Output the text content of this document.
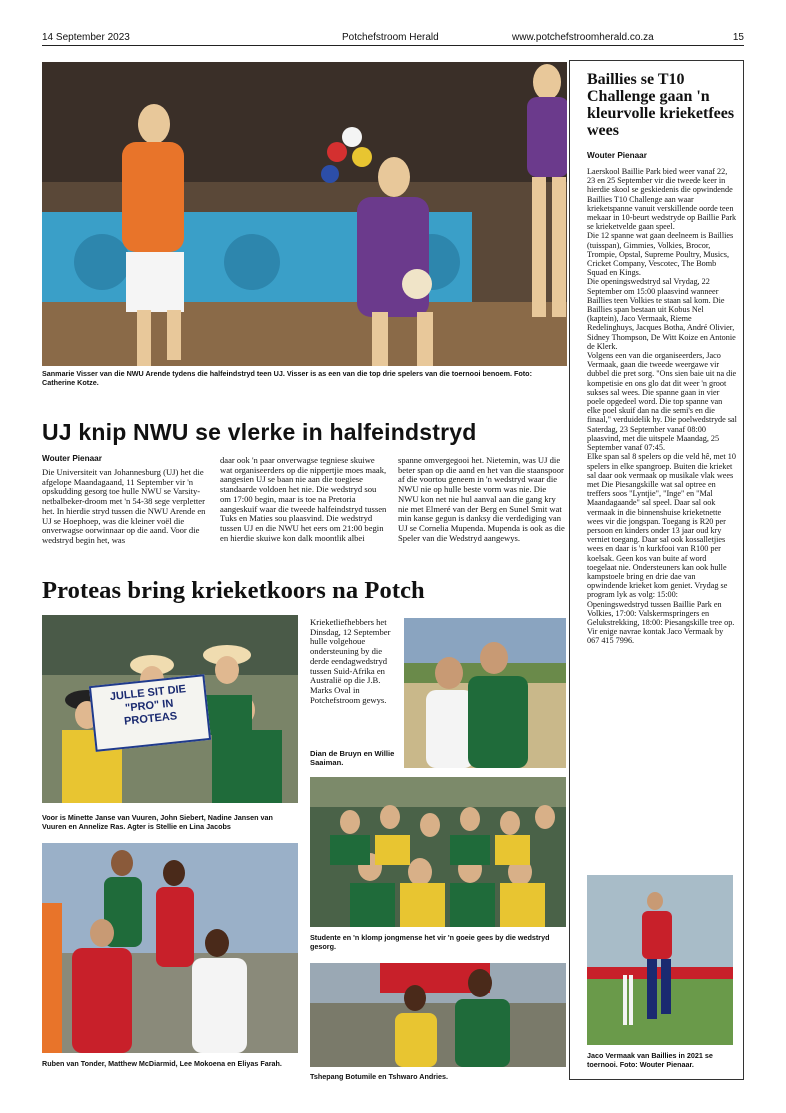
14 September 2023	Potchefstroom Herald	www.potchefstroomherald.co.za	15
Sanmarie Visser van die NWU Arende tydens die halfeindstryd teen UJ. Visser is as een van die top drie spelers van die toernooi benoem. Foto: Catherine Kotze.
UJ knip NWU se vlerke in halfeindstryd
Wouter Pienaar
Die Universiteit van Johannesburg (UJ) het die afgelope Maandagaand, 11 September vir 'n opskudding gesorg toe hulle NWU se Varsity-netbalbeker-droom met 'n 54-38 sege verpletter het. In hierdie stryd tussen die NWU Arende en UJ se Hoephoep, was die kleiner voël die onverwagse oorwinnaar op die aand. Voor die wedstryd begin het, was
daar ook 'n paar onverwagse tegniese skuiwe wat organiseerders op die nippertjie moes maak, aangesien UJ se baan nie aan die toegiese standaarde voldoen het nie. Die wedstryd sou om 17:00 begin, maar is toe na Pretoria aangeskuif waar die tweede halfeindstryd tussen Tuks en Maties sou plaasvind. Die wedstryd tussen UJ en die NWU het eers om 21:00 begin en hierdie skuiwe kon dalk moontlik albei
spanne omvergegooi het. Nietemin, was UJ die beter span op die aand en het van die staanspoor af die voortou geneem in 'n wedstryd waar die NWU nie op hulle beste vorm was nie. Die NWU kon net nie hul aanval aan die gang kry nie met Elmeré van der Berg en Sunel Smit wat min kanse gegun is danksy die verdediging van UJ se Cornelia Mupenda. Mupenda is ook as die Speler van die Wedstryd aangewys.
Proteas bring krieketkoors na Potch
JULLE SIT DIE "PRO" IN PROTEAS
Voor is Minette Janse van Vuuren, John Siebert, Nadine Jansen van Vuuren en Annelize Ras. Agter is Stellie en Lina Jacobs
Krieketliefhebbers het Dinsdag, 12 September hulle volgehoue ondersteuning by die derde eendagwedstryd tussen Suid-Afrika en Australië op die J.B. Marks Oval in Potchefstroom gewys.
Dian de Bruyn en Willie Saaiman.
Studente en 'n klomp jongmense het vir 'n goeie gees by die wedstryd gesorg.
Ruben van Tonder, Matthew McDiarmid, Lee Mokoena en Eliyas Farah.
Tshepang Botumile en Tshwaro Andries.
Baillies se T10 Challenge gaan 'n kleurvolle krieketfees wees
Wouter Pienaar

Laerskool Baillie Park bied weer vanaf 22, 23 en 25 September vir die tweede keer in hierdie skool se geskiedenis die opwindende Baillies T10 Challenge aan waar krieketspanne vanuit verskillende oorde teen mekaar in 10-beurt wedstryde op Baillie Park se krieketvelde gaan speel.

Die 12 spanne wat gaan deelneem is Baillies (tuisspan), Gimmies, Volkies, Brocor, Trompie, Opstal, Supreme Poultry, Musics, Cricket Company, Vescotec, The Bomb Squad en Kings.

Die openingswedstryd sal Vrydag, 22 September om 15:00 plaasvind wanneer Baillies teen Volkies te staan sal kom. Die Baillies span bestaan uit Kobus Nel (kaptein), Jaco Vermaak, Rieme Redelinghuys, Jacques Botha, André Olivier, Sidney Thompson, De Witt Koize en Antonie de Klerk.

Volgens een van die organiseerders, Jaco Vermaak, gaan die tweede weergawe vir dubbel die pret sorg. "Ons sien baie uit na die kompetisie en ons glo dat dit weer 'n groot sukses sal wees. Die spanne gaan in vier poele opgedeel word. Die top spanne van elke poel skuif dan na die semi's en die finaal," verduidelik hy. Die poelwedstryde sal Saterdag, 23 September vanaf 08:00 plaasvind, met die uitspele Maandag, 25 September vanaf 07:45.

Elke span sal 8 spelers op die veld hê, met 10 spelers in elke spangroep. Buiten die krieket sal daar ook vermaak op musikale vlak wees met Die Piesangskille wat sal optree en treffers soos "Lyntjie", "Inge" en "Mal Maandagaande" sal speel. Daar sal ook vermaak in die binnenshuise krieketnette wees vir die jongspan. Toegang is R20 per persoon en kinders onder 13 jaar oud kry verniet toegang. Daar sal ook kossalletjies wees en daar is 'n kurkfooi van R100 per koelsak. Geen kos van buite af word toegelaat nie. Ondersteuners kan ook hulle kampstoele bring en drie dae van opwindende krieket kom geniet. Vrydag se program lyk as volg: 15:00: Openingswedstryd tussen Baillie Park en Volkies, 17:00: Valskermspringers en Gelukstrekking, 18:00: Piesangskille tree op. Vir enige navrae kontak Jaco Vermaak by 067 415 7996.

Jaco Vermaak van Baillies in 2021 se toernooi. Foto: Wouter Pienaar.
